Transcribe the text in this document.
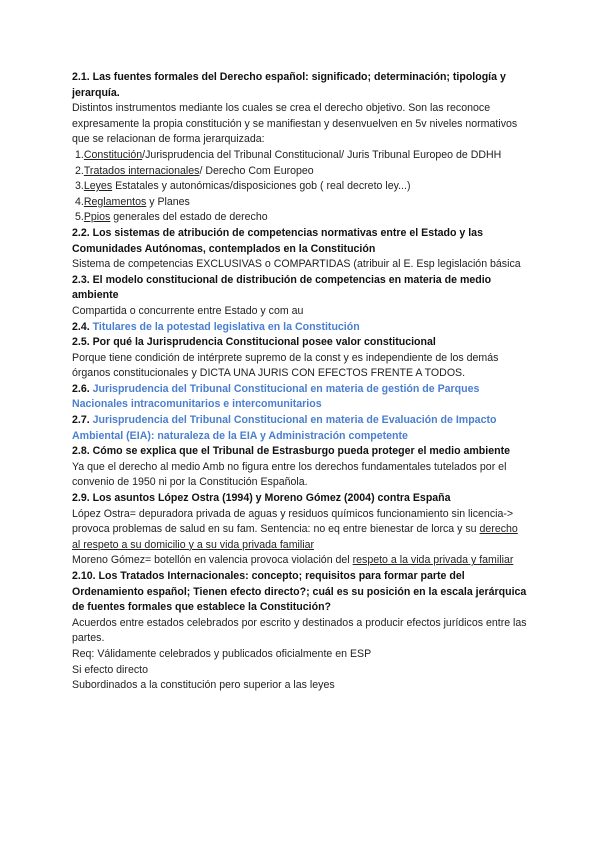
2.1. Las fuentes formales del Derecho español: significado; determinación; tipología y jerarquía.

Distintos instrumentos mediante los cuales se crea el derecho objetivo. Son las reconoce expresamente la propia constitución y se manifiestan y desenvuelven en 5v niveles normativos que se relacionan de forma jerarquizada:

1.Constitución/Jurisprudencia del Tribunal Constitucional/ Juris Tribunal Europeo de DDHH

2.Tratados internacionales/ Derecho Com Europeo

3.Leyes Estatales y autonómicas/disposiciones gob ( real decreto ley...)

4.Reglamentos y Planes

5.Ppios generales del estado de derecho

2.2. Los sistemas de atribución de competencias normativas entre el Estado y las Comunidades Autónomas, contemplados en la Constitución

Sistema de competencias EXCLUSIVAS o COMPARTIDAS (atribuir al E. Esp legislación básica

2.3. El modelo constitucional de distribución de competencias en materia de medio ambiente

Compartida o concurrente entre Estado y com au

2.4. Titulares de la potestad legislativa en la Constitución

2.5. Por qué la Jurisprudencia Constitucional posee valor constitucional

Porque tiene condición de intérprete supremo de la const y es independiente de los demás órganos constitucionales y DICTA UNA JURIS CON EFECTOS FRENTE A TODOS.

2.6. Jurisprudencia del Tribunal Constitucional en materia de gestión de Parques Nacionales intracomunitarios e intercomunitarios

2.7. Jurisprudencia del Tribunal Constitucional en materia de Evaluación de Impacto Ambiental (EIA): naturaleza de la EIA y Administración competente

2.8. Cómo se explica que el Tribunal de Estrasburgo pueda proteger el medio ambiente

Ya que el derecho al medio Amb no figura entre los derechos fundamentales tutelados por el convenio de 1950 ni por la Constitución Española.

2.9. Los asuntos López Ostra (1994) y Moreno Gómez (2004) contra España

López Ostra= depuradora privada de aguas y residuos químicos funcionamiento sin licencia-> provoca problemas de salud en su fam. Sentencia: no eq entre bienestar de lorca y su derecho al respeto a su domicilio y a su vida privada familiar

Moreno Gómez= botellón en valencia provoca violación del respeto a la vida privada y familiar

2.10. Los Tratados Internacionales: concepto; requisitos para formar parte del Ordenamiento español; Tienen efecto directo?; cuál es su posición en la escala jerárquica de fuentes formales que establece la Constitución?

Acuerdos entre estados celebrados por escrito y destinados a producir efectos jurídicos entre las partes.

Req: Válidamente celebrados y publicados oficialmente en ESP

Si efecto directo

Subordinados a la constitución pero superior a las leyes
